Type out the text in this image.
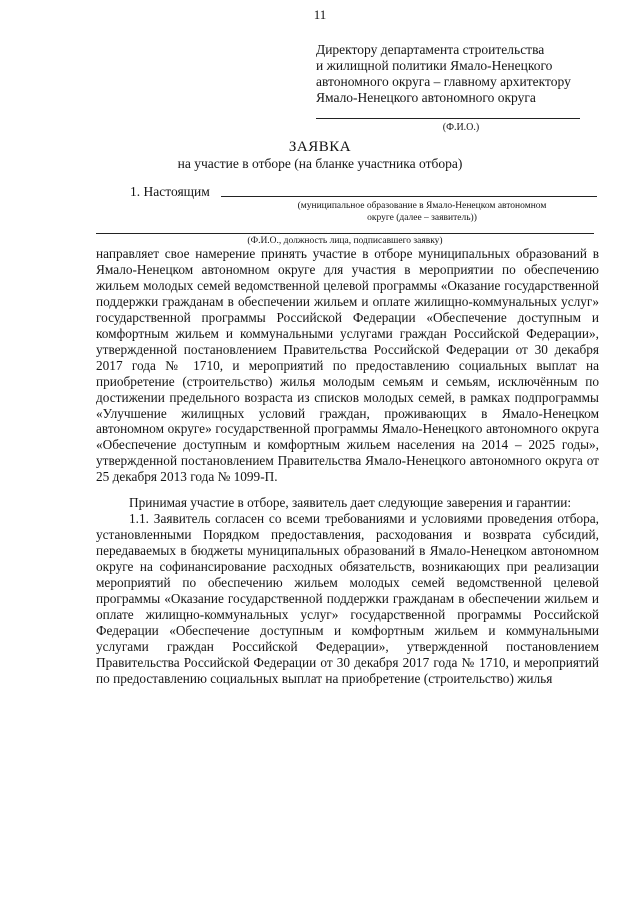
11
Директору департамента строительства
и жилищной политики Ямало-Ненецкого
автономного округа – главному архитектору
Ямало-Ненецкого автономного округа
(Ф.И.О.)
ЗАЯВКА
на участие в отборе (на бланке участника отбора)
1. Настоящим
(муниципальное образование в Ямало-Ненецком автономном
округе (далее – заявитель))
(Ф.И.О., должность лица, подписавшего заявку)

направляет свое намерение принять участие в отборе муниципальных образований в Ямало-Ненецком автономном округе для участия в мероприятии по обеспечению жильем молодых семей ведомственной целевой программы «Оказание государственной поддержки гражданам в обеспечении жильем и оплате жилищно-коммунальных услуг» государственной программы Российской Федерации «Обеспечение доступным и комфортным жильем и коммунальными услугами граждан Российской Федерации», утвержденной постановлением Правительства Российской Федерации от 30 декабря 2017 года № 1710, и мероприятий по предоставлению социальных выплат на приобретение (строительство) жилья молодым семьям и семьям, исключённым по достижении предельного возраста из списков молодых семей, в рамках подпрограммы «Улучшение жилищных условий граждан, проживающих в Ямало-Ненецком автономном округе» государственной программы Ямало-Ненецкого автономного округа «Обеспечение доступным и комфортным жильем населения на 2014 – 2025 годы», утвержденной постановлением Правительства Ямало-Ненецкого автономного округа от 25 декабря 2013 года № 1099-П.

Принимая участие в отборе, заявитель дает следующие заверения и гарантии:

1.1. Заявитель согласен со всеми требованиями и условиями проведения отбора, установленными Порядком предоставления, расходования и возврата субсидий, передаваемых в бюджеты муниципальных образований в Ямало-Ненецком автономном округе на софинансирование расходных обязательств, возникающих при реализации мероприятий по обеспечению жильем молодых семей ведомственной целевой программы «Оказание государственной поддержки гражданам в обеспечении жильем и оплате жилищно-коммунальных услуг» государственной программы Российской Федерации «Обеспечение доступным и комфортным жильем и коммунальными услугами граждан Российской Федерации», утвержденной постановлением Правительства Российской Федерации от 30 декабря 2017 года № 1710, и мероприятий по предоставлению социальных выплат на приобретение (строительство) жилья
